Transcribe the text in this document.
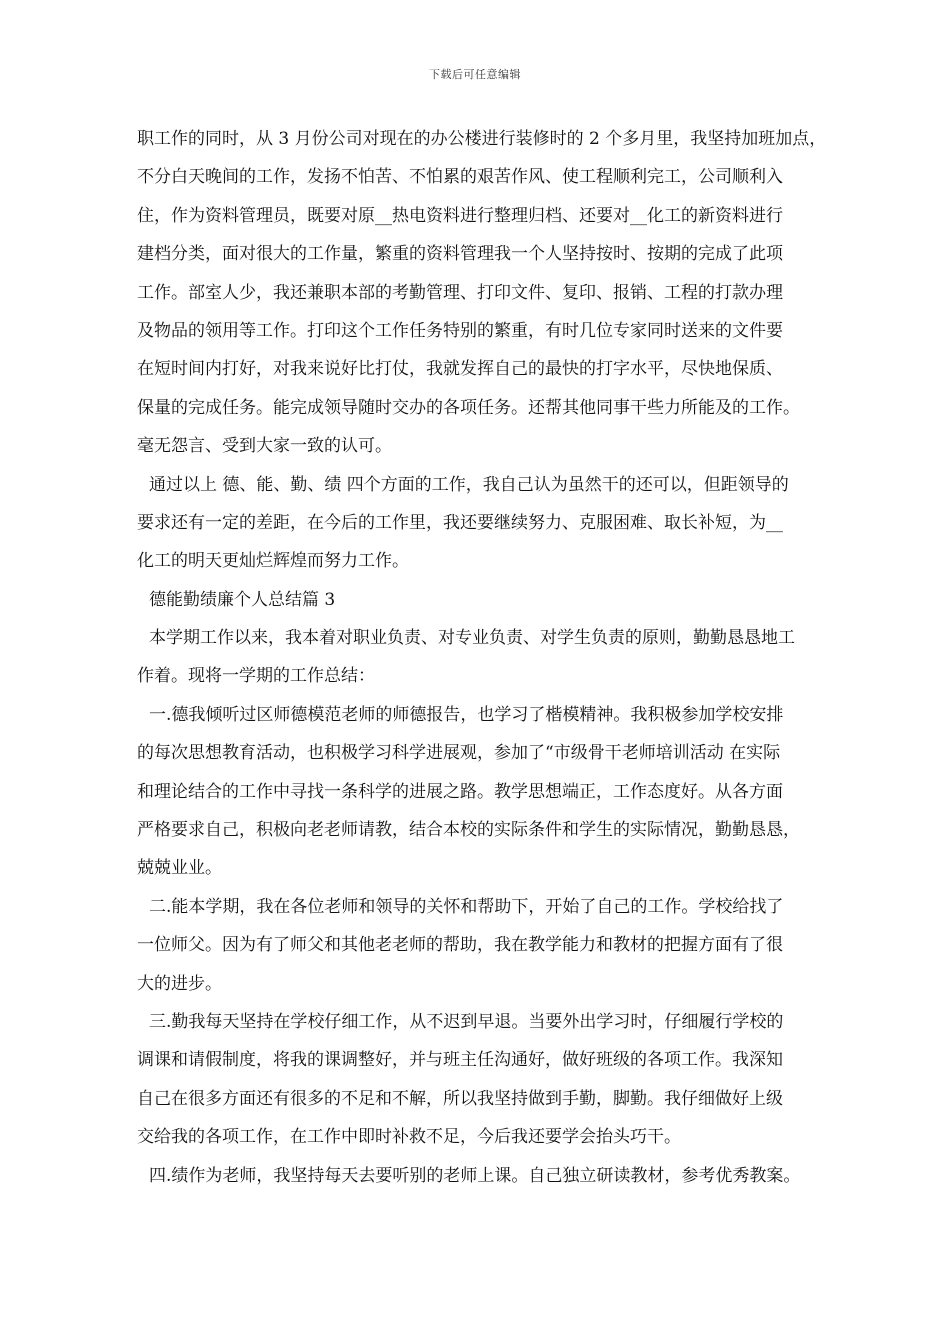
下载后可任意编辑
职工作的同时，从 3 月份公司对现在的办公楼进行装修时的 2 个多月里，我坚持加班加点，
不分白天晚间的工作，发扬不怕苦、不怕累的艰苦作风、使工程顺利完工，公司顺利入
住，作为资料管理员，既要对原__热电资料进行整理归档、还要对__化工的新资料进行
建档分类，面对很大的工作量，繁重的资料管理我一个人坚持按时、按期的完成了此项
工作。部室人少，我还兼职本部的考勤管理、打印文件、复印、报销、工程的打款办理
及物品的领用等工作。打印这个工作任务特别的繁重，有时几位专家同时送来的文件要
在短时间内打好，对我来说好比打仗，我就发挥自己的最快的打字水平，尽快地保质、
保量的完成任务。能完成领导随时交办的各项任务。还帮其他同事干些力所能及的工作。
毫无怨言、受到大家一致的认可。
通过以上 德、能、勤、绩 四个方面的工作，我自己认为虽然干的还可以，但距领导的
要求还有一定的差距，在今后的工作里，我还要继续努力、克服困难、取长补短，为__
化工的明天更灿烂辉煌而努力工作。
德能勤绩廉个人总结篇 3
本学期工作以来，我本着对职业负责、对专业负责、对学生负责的原则，勤勤恳恳地工
作着。现将一学期的工作总结：
一.德我倾听过区师德模范老师的师德报告，也学习了楷模精神。我积极参加学校安排
的每次思想教育活动，也积极学习科学进展观，参加了“市级骨干老师培训活动 在实际
和理论结合的工作中寻找一条科学的进展之路。教学思想端正，工作态度好。从各方面
严格要求自己，积极向老老师请教，结合本校的实际条件和学生的实际情况，勤勤恳恳，
兢兢业业。
二.能本学期，我在各位老师和领导的关怀和帮助下，开始了自己的工作。学校给找了
一位师父。因为有了师父和其他老老师的帮助，我在教学能力和教材的把握方面有了很
大的进步。
三.勤我每天坚持在学校仔细工作，从不迟到早退。当要外出学习时，仔细履行学校的
调课和请假制度，将我的课调整好，并与班主任沟通好，做好班级的各项工作。我深知
自己在很多方面还有很多的不足和不解，所以我坚持做到手勤，脚勤。我仔细做好上级
交给我的各项工作，在工作中即时补救不足，今后我还要学会抬头巧干。
四.绩作为老师，我坚持每天去要听别的老师上课。自己独立研读教材，参考优秀教案。
